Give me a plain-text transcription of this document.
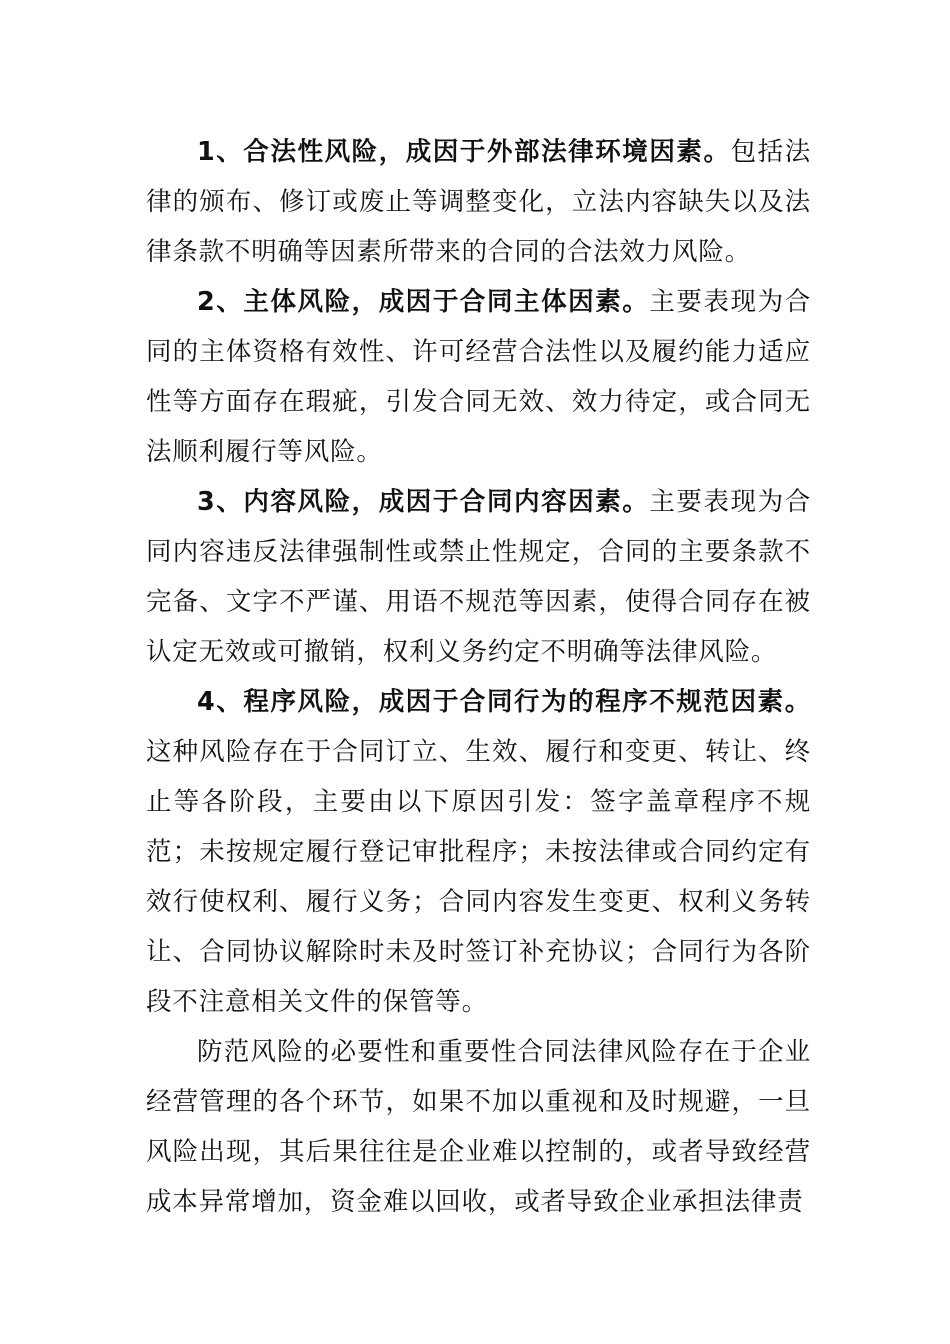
1、合法性风险，成因于外部法律环境因素。包括法律的颁布、修订或废止等调整变化，立法内容缺失以及法律条款不明确等因素所带来的合同的合法效力风险。

2、主体风险，成因于合同主体因素。主要表现为合同的主体资格有效性、许可经营合法性以及履约能力适应性等方面存在瑕疵，引发合同无效、效力待定，或合同无法顺利履行等风险。

3、内容风险，成因于合同内容因素。主要表现为合同内容违反法律强制性或禁止性规定，合同的主要条款不完备、文字不严谨、用语不规范等因素，使得合同存在被认定无效或可撤销，权利义务约定不明确等法律风险。

4、程序风险，成因于合同行为的程序不规范因素。这种风险存在于合同订立、生效、履行和变更、转让、终止等各阶段，主要由以下原因引发：签字盖章程序不规范；未按规定履行登记审批程序；未按法律或合同约定有效行使权利、履行义务；合同内容发生变更、权利义务转让、合同协议解除时未及时签订补充协议；合同行为各阶段不注意相关文件的保管等。

防范风险的必要性和重要性合同法律风险存在于企业经营管理的各个环节，如果不加以重视和及时规避，一旦风险出现，其后果往往是企业难以控制的，或者导致经营成本异常增加，资金难以回收，或者导致企业承担法律责
